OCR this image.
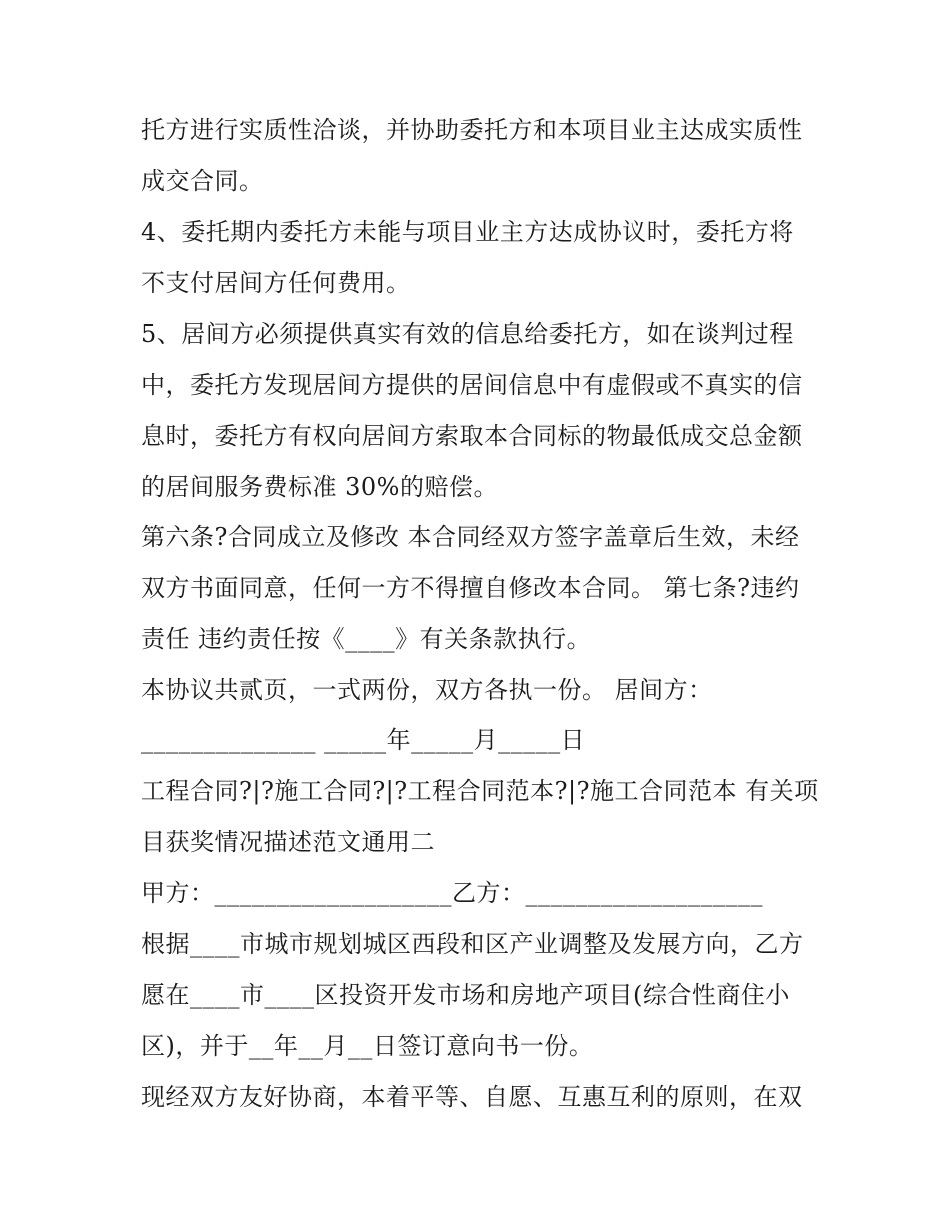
托方进行实质性洽谈，并协助委托方和本项目业主达成实质性
成交合同。
4、委托期内委托方未能与项目业主方达成协议时，委托方将
不支付居间方任何费用。
5、居间方必须提供真实有效的信息给委托方，如在谈判过程
中，委托方发现居间方提供的居间信息中有虚假或不真实的信
息时，委托方有权向居间方索取本合同标的物最低成交总金额
的居间服务费标准 30%的赔偿。
第六条?合同成立及修改 本合同经双方签字盖章后生效，未经
双方书面同意，任何一方不得擅自修改本合同。 第七条?违约
责任 违约责任按《____》有关条款执行。
本协议共贰页，一式两份，双方各执一份。 居间方：
______________ _____年_____月_____日
工程合同?|?施工合同?|?工程合同范本?|?施工合同范本 有关项
目获奖情况描述范文通用二
甲方：___________________乙方：___________________
根据____市城市规划城区西段和区产业调整及发展方向，乙方
愿在____市____区投资开发市场和房地产项目(综合性商住小
区)，并于__年__月__日签订意向书一份。
现经双方友好协商，本着平等、自愿、互惠互利的原则，在双
